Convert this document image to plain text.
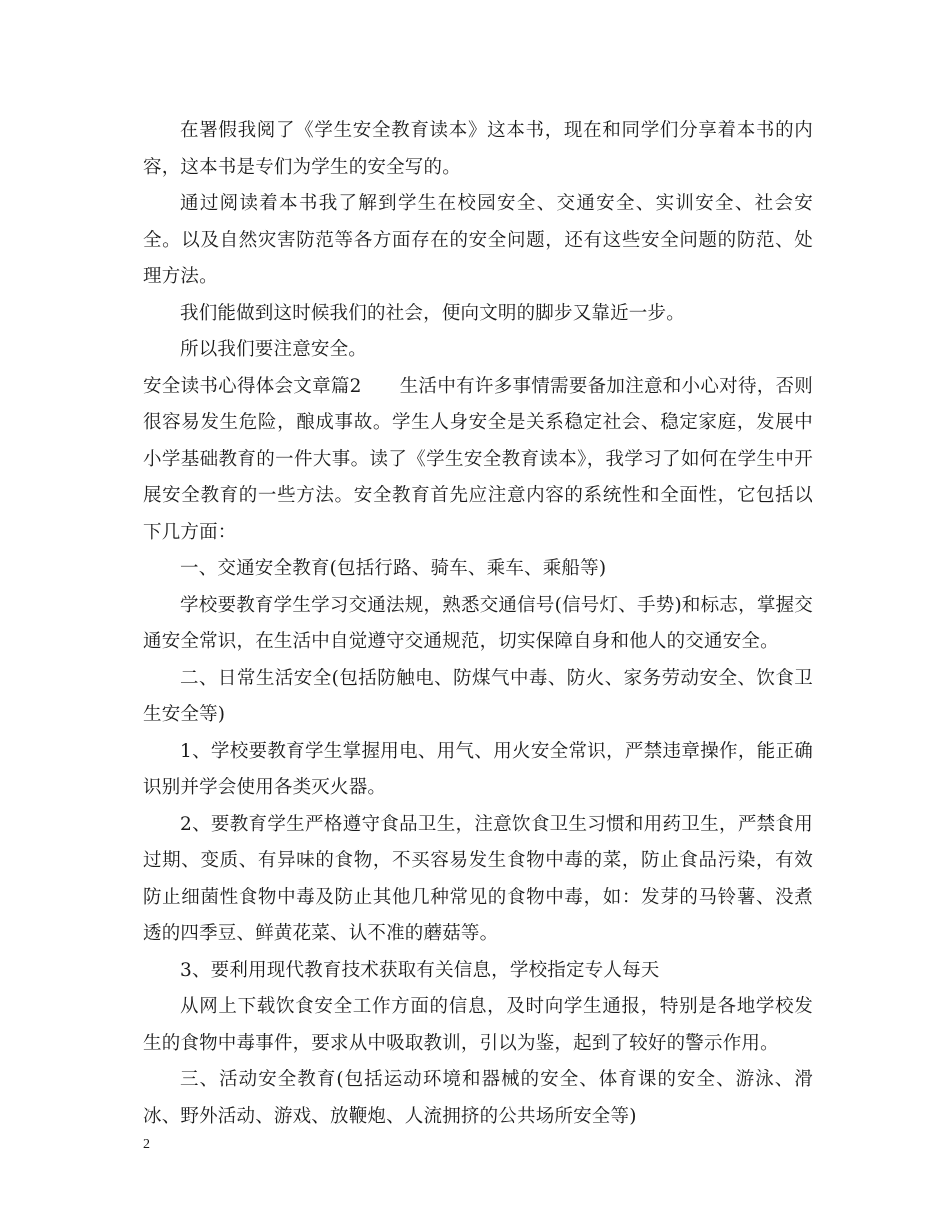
在署假我阅了《学生安全教育读本》这本书，现在和同学们分享着本书的内容，这本书是专们为学生的安全写的。

通过阅读着本书我了解到学生在校园安全、交通安全、实训安全、社会安全。以及自然灾害防范等各方面存在的安全问题，还有这些安全问题的防范、处理方法。

我们能做到这时候我们的社会，便向文明的脚步又靠近一步。

所以我们要注意安全。

安全读书心得体会文章篇2 生活中有许多事情需要备加注意和小心对待，否则很容易发生危险，酿成事故。学生人身安全是关系稳定社会、稳定家庭，发展中小学基础教育的一件大事。读了《学生安全教育读本》，我学习了如何在学生中开展安全教育的一些方法。安全教育首先应注意内容的系统性和全面性，它包括以下几方面：

一、交通安全教育(包括行路、骑车、乘车、乘船等)

学校要教育学生学习交通法规，熟悉交通信号(信号灯、手势)和标志，掌握交通安全常识，在生活中自觉遵守交通规范，切实保障自身和他人的交通安全。

二、日常生活安全(包括防触电、防煤气中毒、防火、家务劳动安全、饮食卫生安全等)

1、学校要教育学生掌握用电、用气、用火安全常识，严禁违章操作，能正确识别并学会使用各类灭火器。

2、要教育学生严格遵守食品卫生，注意饮食卫生习惯和用药卫生，严禁食用过期、变质、有异味的食物，不买容易发生食物中毒的菜，防止食品污染，有效防止细菌性食物中毒及防止其他几种常见的食物中毒，如：发芽的马铃薯、没煮透的四季豆、鲜黄花菜、认不准的蘑菇等。

3、要利用现代教育技术获取有关信息，学校指定专人每天

从网上下载饮食安全工作方面的信息，及时向学生通报，特别是各地学校发生的食物中毒事件，要求从中吸取教训，引以为鉴，起到了较好的警示作用。

三、活动安全教育(包括运动环境和器械的安全、体育课的安全、游泳、滑冰、野外活动、游戏、放鞭炮、人流拥挤的公共场所安全等)

2
